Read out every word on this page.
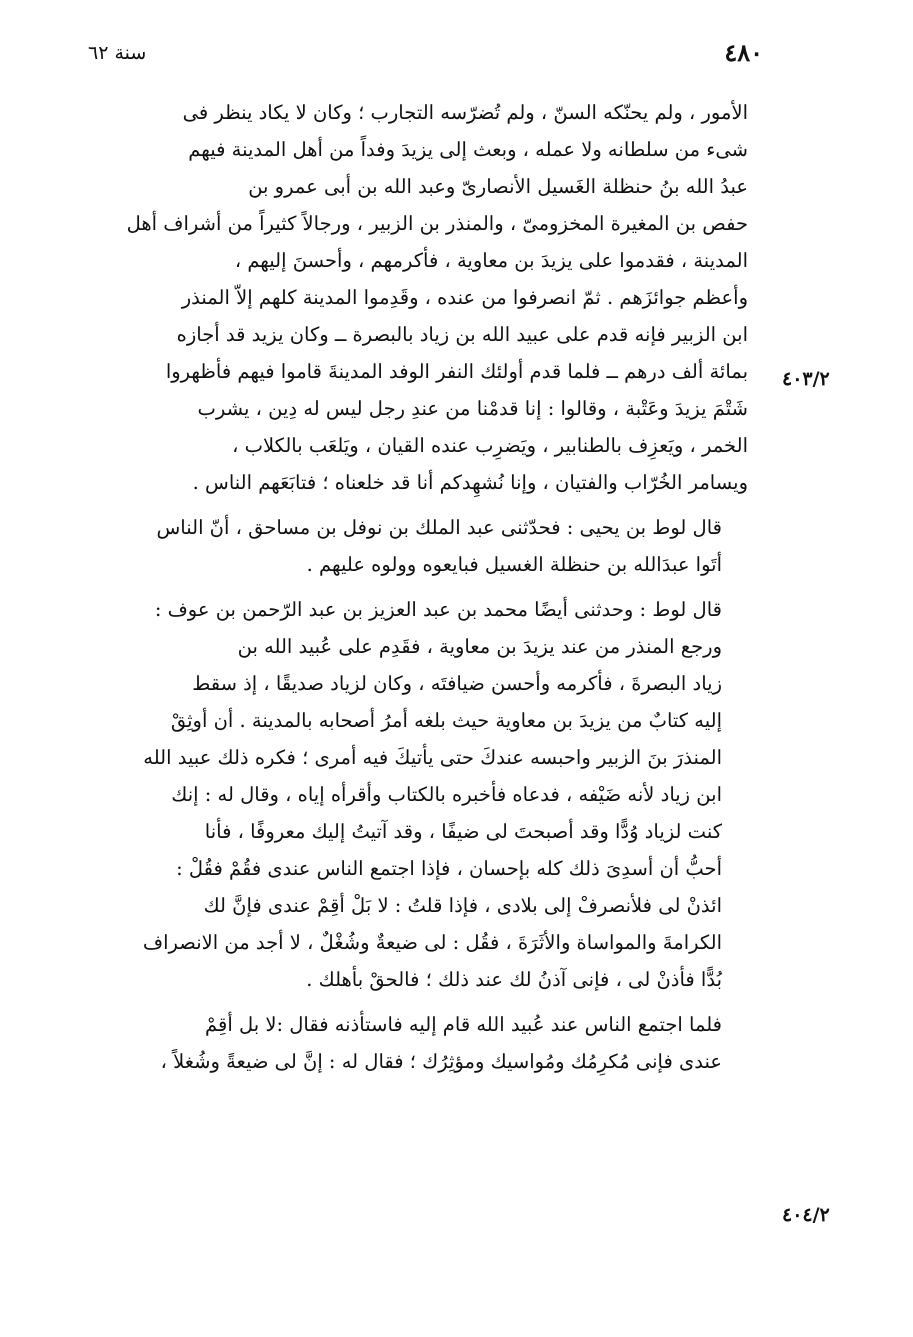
٤٨٠
سنة ٦٢
٤٠٣/٢
٤٠٤/٢

الأمور ، ولم يحنّكه السنّ ، ولم تُضرّسه التجارب ؛ وكان لا يكاد ينظر فى
شىء من سلطانه ولا عمله ، وبعث إلى يزيدَ وفداً من أهل المدينة فيهم
عبدُ الله بنُ حنظلة الغَسيل الأنصارىّ وعبد الله بن أبى عمرو بن
حفص بن المغيرة المخزومىّ ، والمنذر بن الزبير ، ورجالاً كثيراً من أشراف أهل
المدينة ، فقدموا على يزيدَ بن معاوية ، فأكرمهم ، وأحسنَ إليهم ،
وأعظم جوائزَهم . ثمّ انصرفوا من عنده ، وقَدِموا المدينة كلهم إلاّ المنذر
ابن الزبير فإنه قدم على عبيد الله بن زياد بالبصرة ــ وكان يزيد قد أجازه
بمائة ألف درهم ــ فلما قدم أولئك النفر الوفد المدينةَ قاموا فيهم فأظهروا
شَتْمَ يزيدَ وعَتْبة ، وقالوا : إنا قدمْنا من عندِ رجل ليس له دِين ، يشرب
الخمر ، ويَعزِف بالطنابير ، ويَضرِب عنده القيان ، ويَلعَب بالكلاب ،
ويسامر الخُرّاب والفتيان ، وإنا نُشهِدكم أنا قد خلعناه ؛ فتابَعَهم الناس .

قال لوط بن يحيى : فحدّثنى عبد الملك بن نوفل بن مساحق ، أنّ الناس
أتَوا عبدَالله بن حنظلة الغسيل فبايعوه وولوه عليهم .

قال لوط : وحدثنى أيضًا محمد بن عبد العزيز بن عبد الرّحمن بن عوف :
ورجع المنذر من عند يزيدَ بن معاوية ، فقَدِم على عُبيد الله بن
زياد البصرةَ ، فأكرمه وأحسن ضيافتَه ، وكان لزياد صديقًا ، إذ سقط
إليه كتابٌ من يزيدَ بن معاوية حيث بلغه أمرُ أصحابه بالمدينة . أن أوثِقْ
المنذرَ بنَ الزبير واحبسه عندكَ حتى يأتيكَ فيه أمرى ؛ فكره ذلك عبيد الله
ابن زياد لأنه ضَيْفه ، فدعاه فأخبره بالكتاب وأقرأه إياه ، وقال له : إنك
كنت لزياد وُدًّا وقد أصبحتَ لى ضيفًا ، وقد آتيتُ إليك معروفًا ، فأنا
أحبُّ أن أسدِىَ ذلك كله بإحسان ، فإذا اجتمع الناس عندى فقُمْ فقُلْ :
ائذنْ لى فلأنصرفْ إلى بلادى ، فإذا قلتُ : لا بَلْ أقِمْ عندى فإنَّ لك
الكرامةَ والمواساة والأثَرَةَ ، فقُل : لى ضيعةٌ وشُغْلٌ ، لا أجد من الانصراف
بُدًّا فأذنْ لى ، فإنى آذنُ لك عند ذلك ؛ فالحقْ بأهلك .

فلما اجتمع الناس عند عُبيد الله قام إليه فاستأذنه فقال :لا بل أقِمْ
عندى فإنى مُكرِمُك ومُواسيك ومؤثِرُك ؛ فقال له : إنَّ لى ضيعةً وشُغلاً ،
